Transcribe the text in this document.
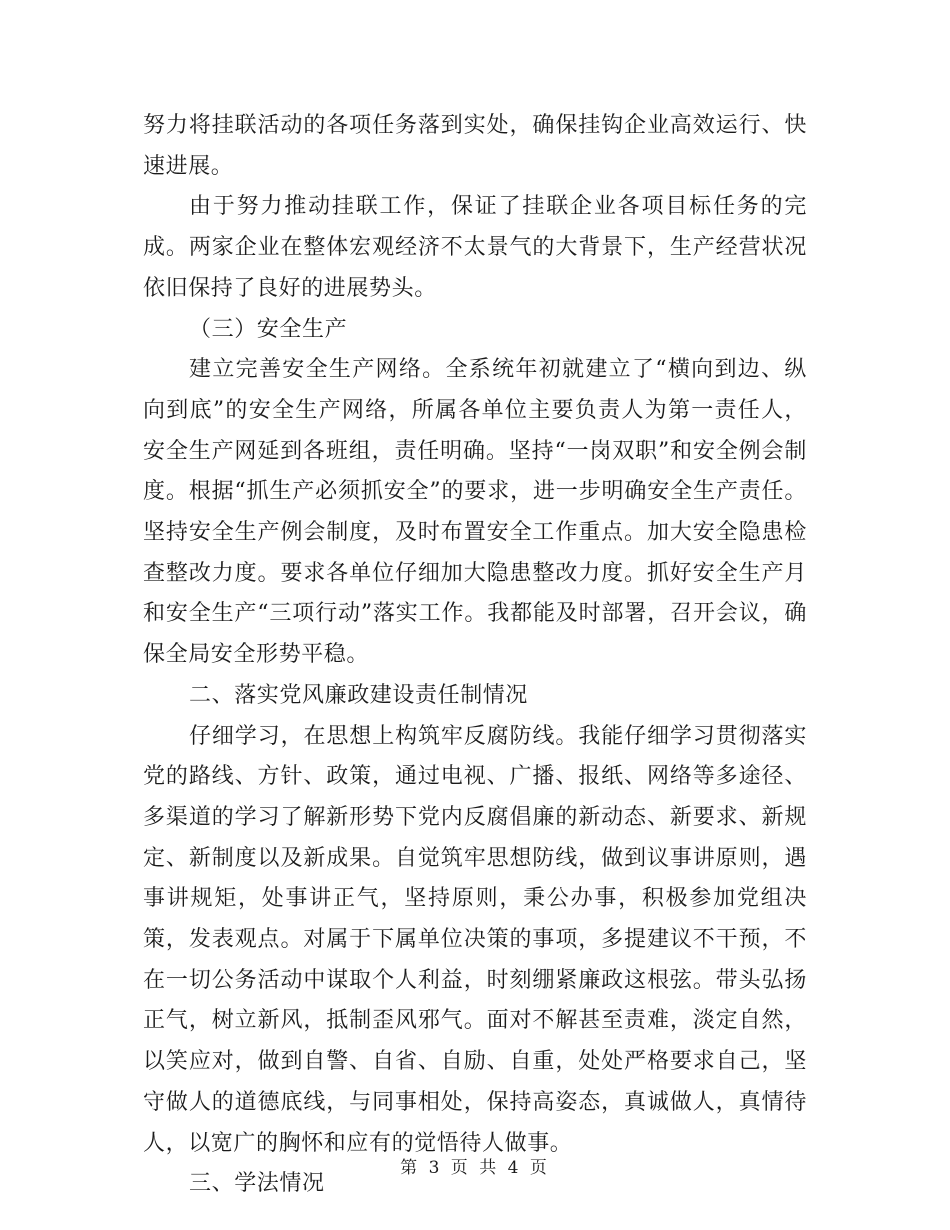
努力将挂联活动的各项任务落到实处，确保挂钩企业高效运行、快速进展。

由于努力推动挂联工作，保证了挂联企业各项目标任务的完成。两家企业在整体宏观经济不太景气的大背景下，生产经营状况依旧保持了良好的进展势头。

（三）安全生产

建立完善安全生产网络。全系统年初就建立了“横向到边、纵向到底”的安全生产网络，所属各单位主要负责人为第一责任人，安全生产网延到各班组，责任明确。坚持“一岗双职”和安全例会制度。根据“抓生产必须抓安全”的要求，进一步明确安全生产责任。坚持安全生产例会制度，及时布置安全工作重点。加大安全隐患检查整改力度。要求各单位仔细加大隐患整改力度。抓好安全生产月和安全生产“三项行动”落实工作。我都能及时部署，召开会议，确保全局安全形势平稳。

二、落实党风廉政建设责任制情况

仔细学习，在思想上构筑牢反腐防线。我能仔细学习贯彻落实党的路线、方针、政策，通过电视、广播、报纸、网络等多途径、多渠道的学习了解新形势下党内反腐倡廉的新动态、新要求、新规定、新制度以及新成果。自觉筑牢思想防线，做到议事讲原则，遇事讲规矩，处事讲正气，坚持原则，秉公办事，积极参加党组决策，发表观点。对属于下属单位决策的事项，多提建议不干预，不在一切公务活动中谋取个人利益，时刻绷紧廉政这根弦。带头弘扬正气，树立新风，抵制歪风邪气。面对不解甚至责难，淡定自然，以笑应对，做到自警、自省、自励、自重，处处严格要求自己，坚守做人的道德底线，与同事相处，保持高姿态，真诚做人，真情待人，以宽广的胸怀和应有的觉悟待人做事。

三、学法情况

第 3 页 共 4 页
